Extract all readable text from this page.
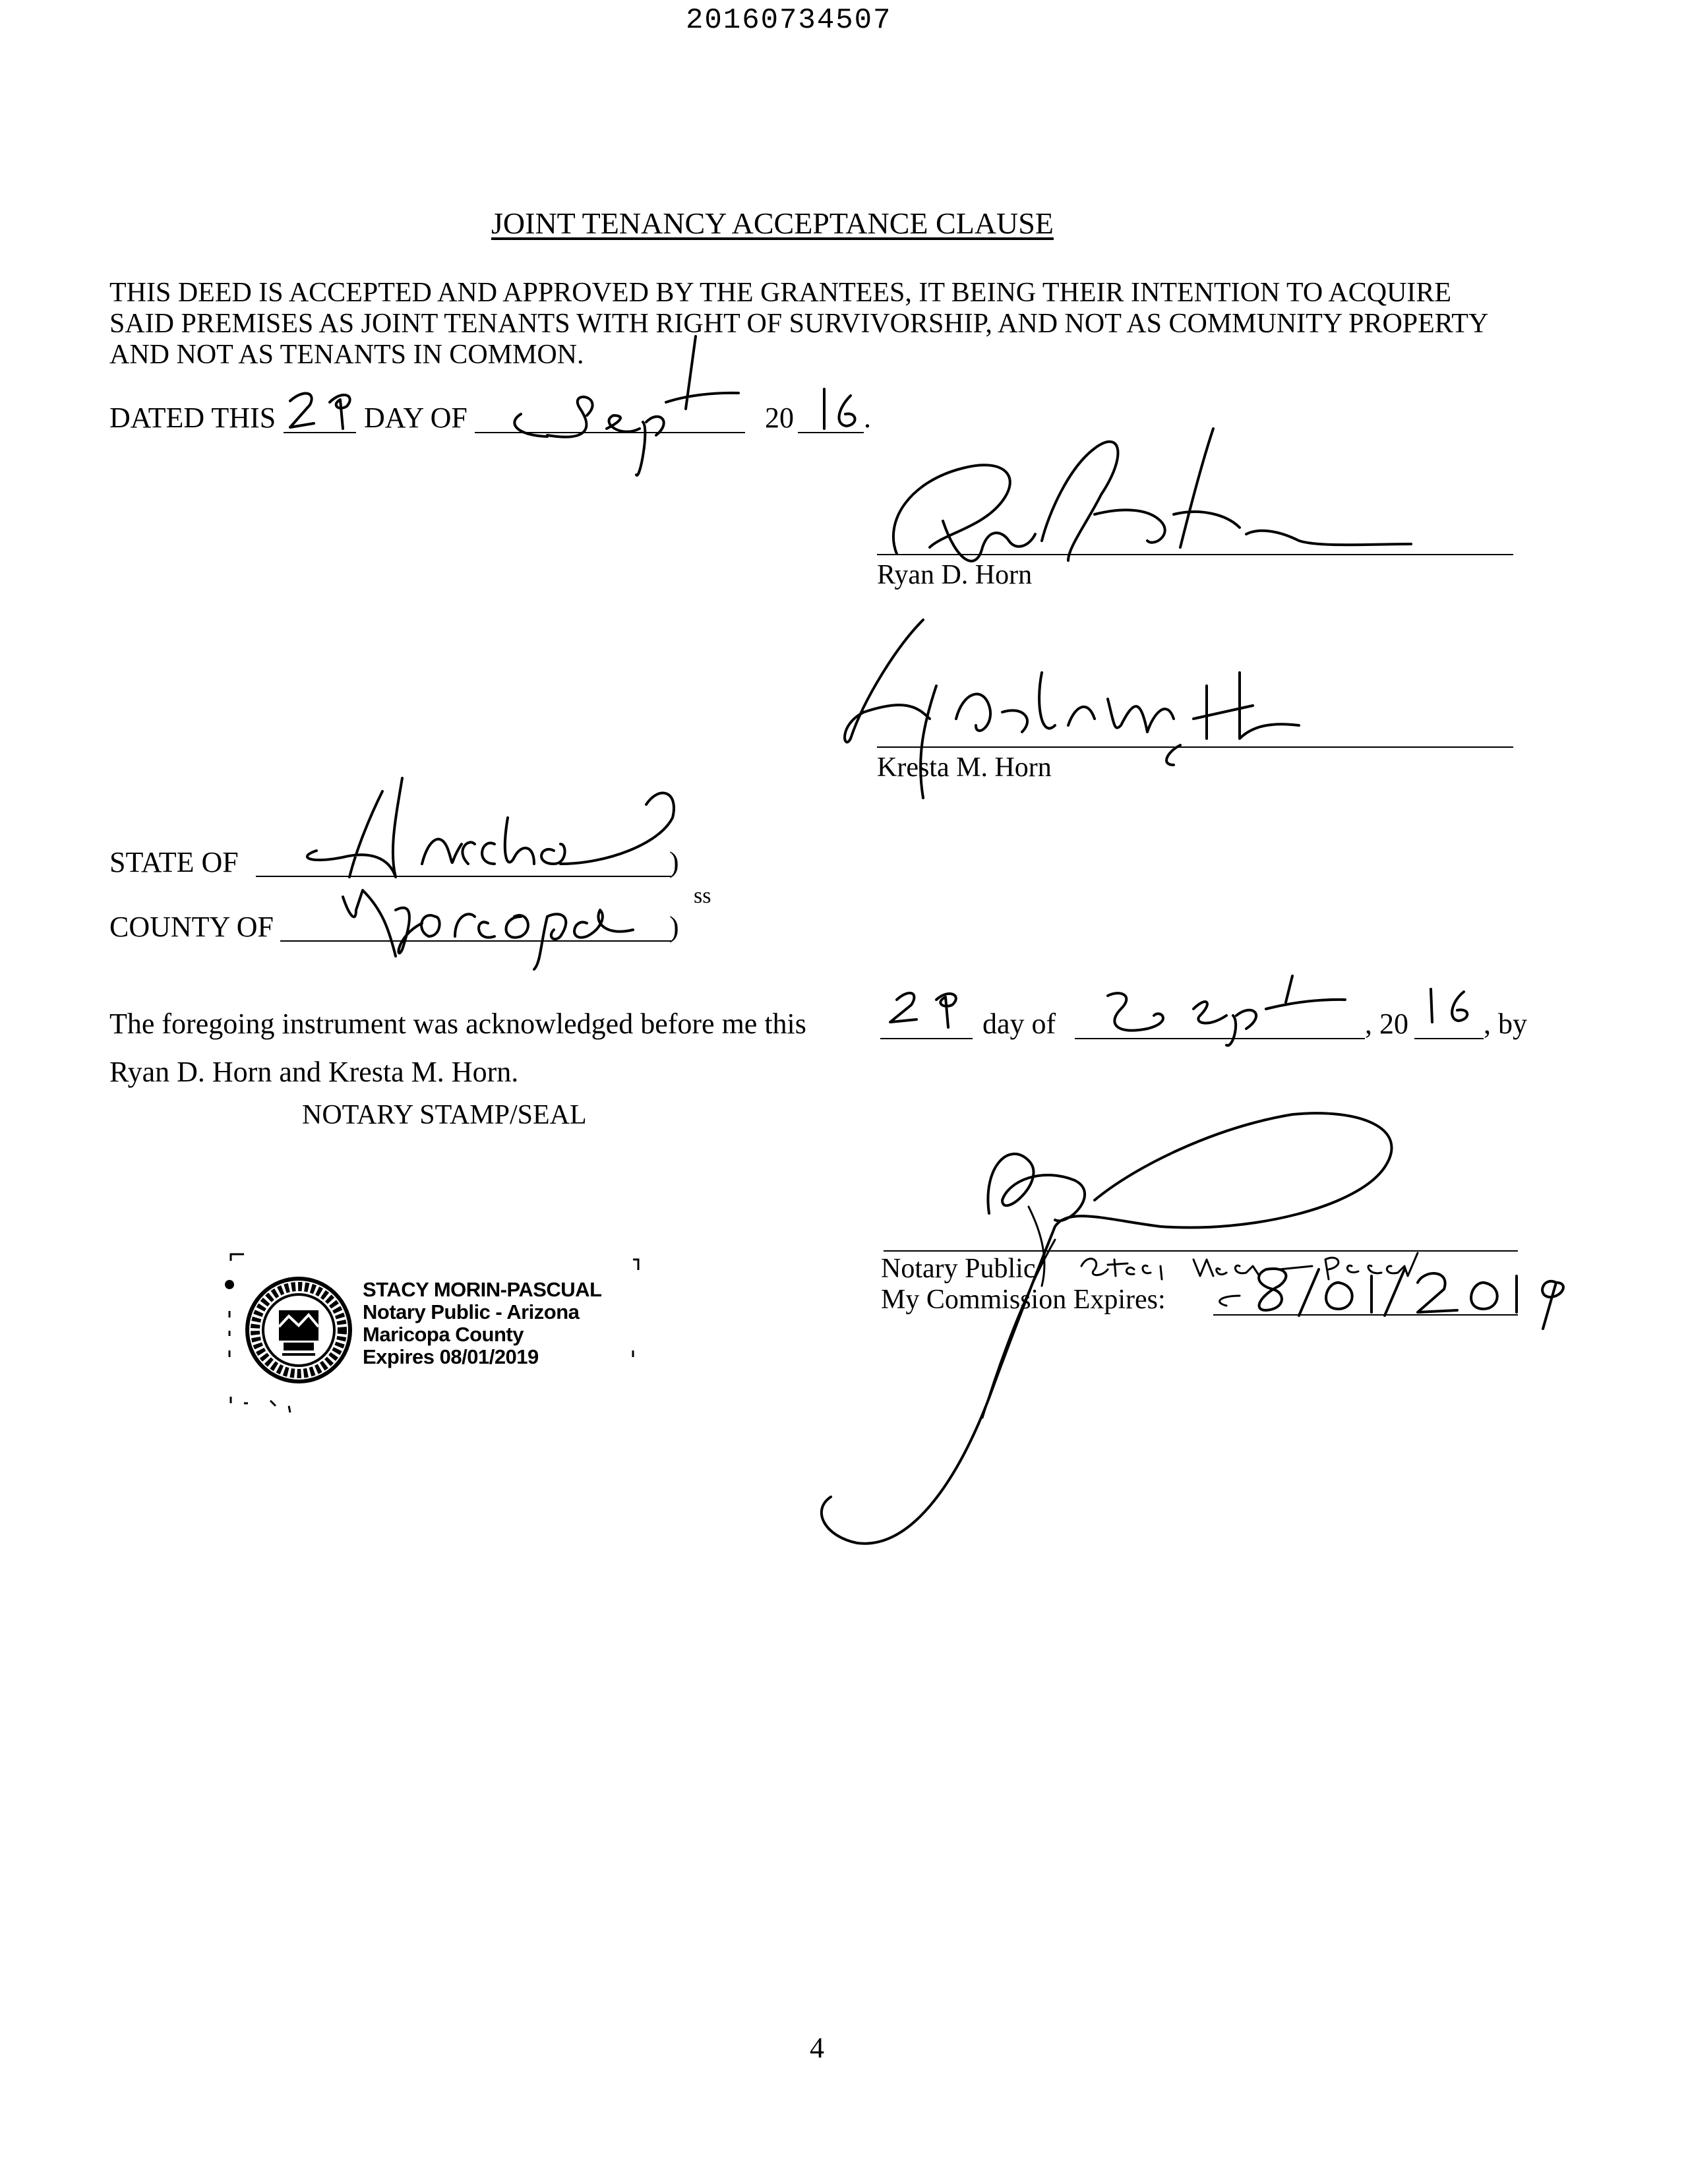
20160734507
JOINT TENANCY ACCEPTANCE CLAUSE
THIS DEED IS ACCEPTED AND APPROVED BY THE GRANTEES, IT BEING THEIR INTENTION TO ACQUIRE
SAID PREMISES AS JOINT TENANTS WITH RIGHT OF SURVIVORSHIP, AND NOT AS COMMUNITY PROPERTY
AND NOT AS TENANTS IN COMMON.
DATED THIS	DAY OF	20 .
Ryan D. Horn
Kresta M. Horn
STATE OF	)
COUNTY OF	)
ss
The foregoing instrument was acknowledged before me this	day of	, 20	, by
Ryan D. Horn and Kresta M. Horn.
NOTARY STAMP/SEAL
Notary Public
My Commission Expires:
STACY MORIN-PASCUAL
Notary Public - Arizona
Maricopa County
Expires 08/01/2019
4
